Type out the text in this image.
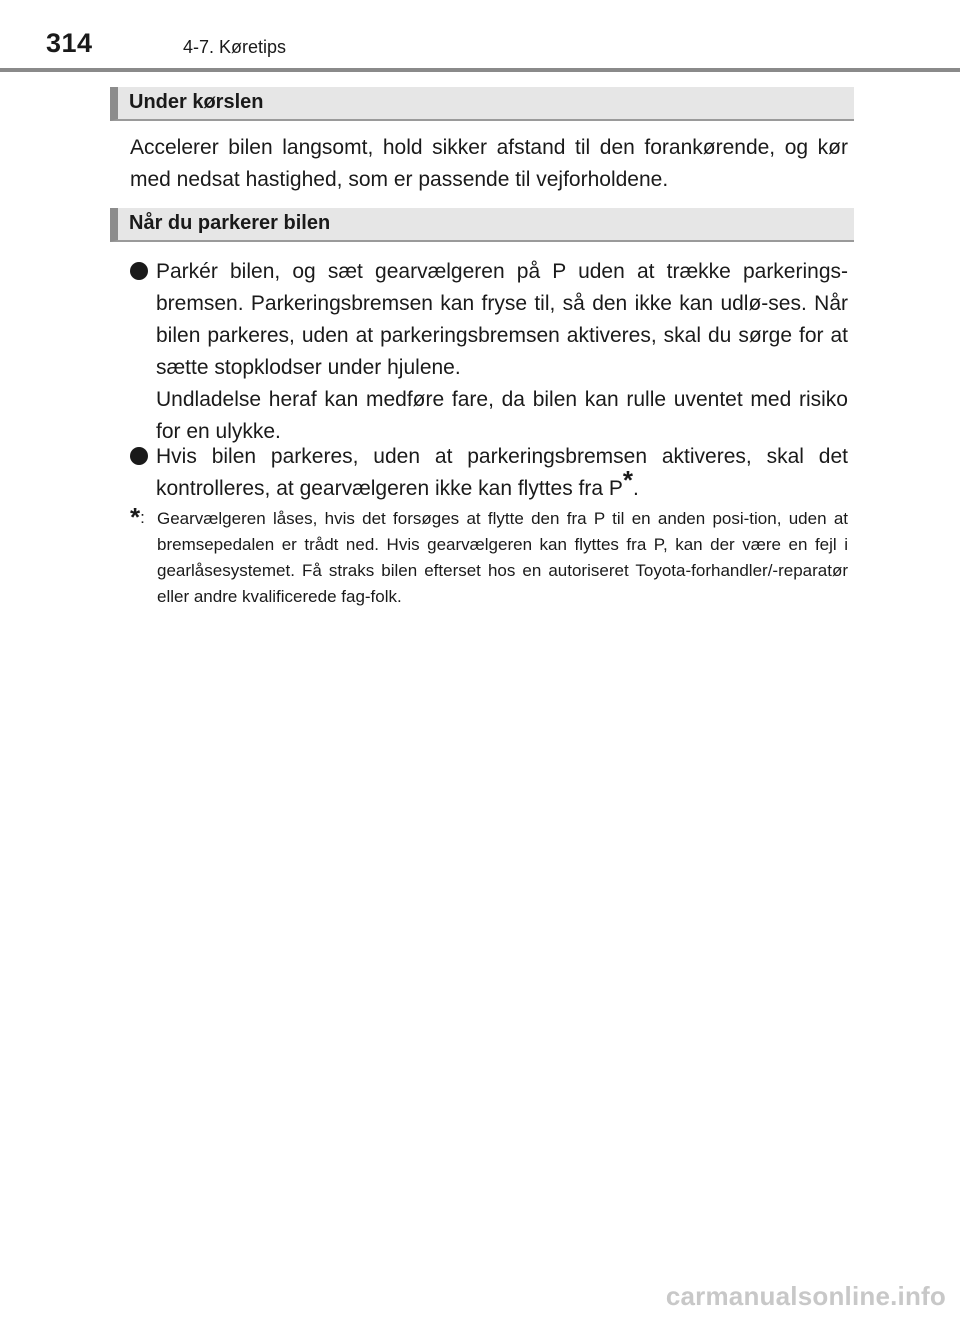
314	4-7. Køretips
Under kørslen

Accelerer bilen langsomt, hold sikker afstand til den forankørende, og kør med nedsat hastighed, som er passende til vejforholdene.

Når du parkerer bilen

Parkér bilen, og sæt gearvælgeren på P uden at trække parkerings-bremsen. Parkeringsbremsen kan fryse til, så den ikke kan udlø-ses. Når bilen parkeres, uden at parkeringsbremsen aktiveres, skal du sørge for at sætte stopklodser under hjulene.

Undladelse heraf kan medføre fare, da bilen kan rulle uventet med risiko for en ulykke.

Hvis bilen parkeres, uden at parkeringsbremsen aktiveres, skal det kontrolleres, at gearvælgeren ikke kan flyttes fra P*.
*: Gearvælgeren låses, hvis det forsøges at flytte den fra P til en anden posi-tion, uden at bremsepedalen er trådt ned. Hvis gearvælgeren kan flyttes fra P, kan der være en fejl i gearlåsesystemet. Få straks bilen efterset hos en autoriseret Toyota-forhandler/-reparatør eller andre kvalificerede fag-folk.
carmanualsonline.info
